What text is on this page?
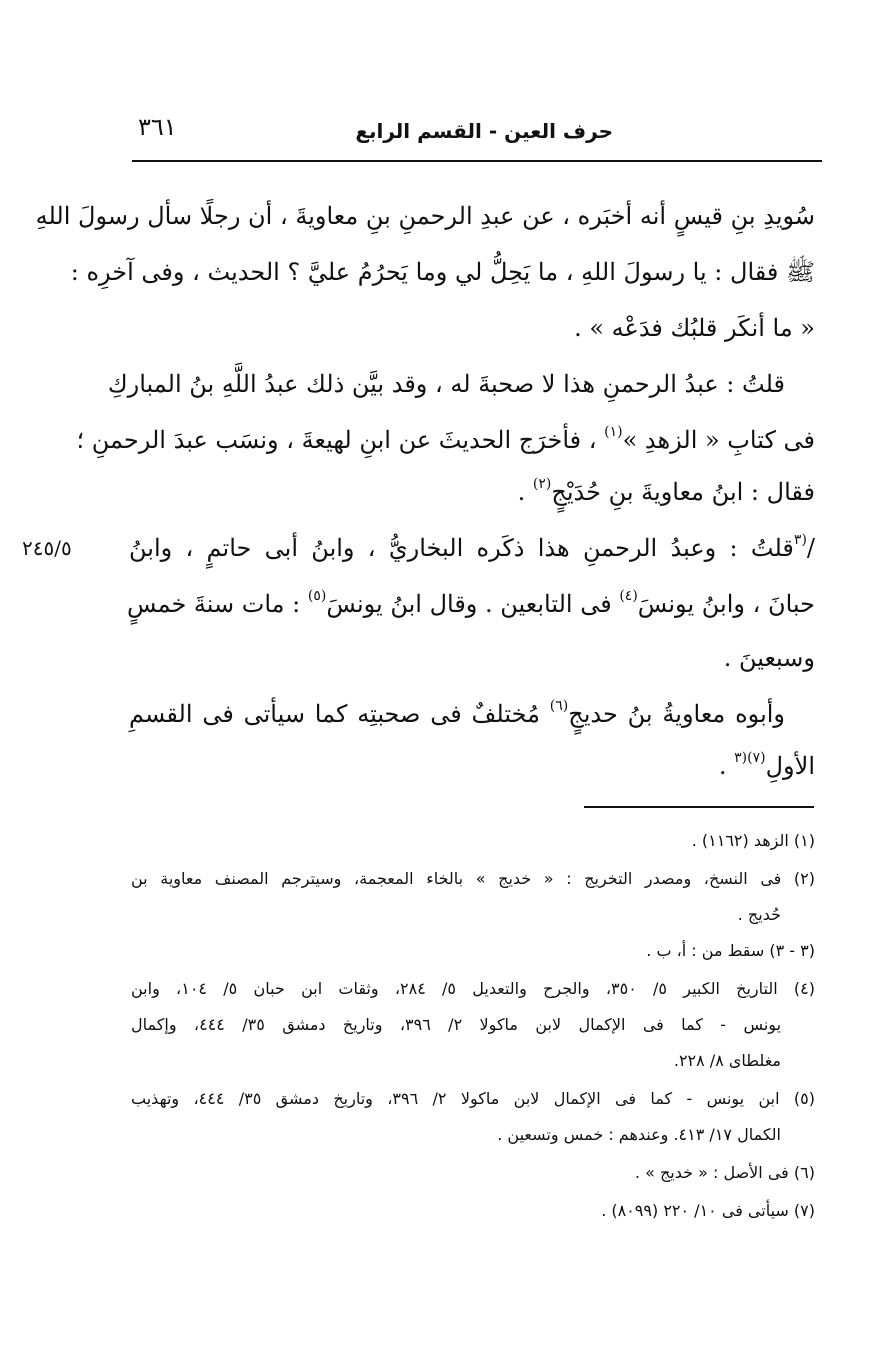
حرف العين - القسم الرابع
٣٦١
سُويدِ بنِ قيسٍ أنه أخبَره ، عن عبدِ الرحمنِ بنِ معاويةَ ، أن رجلًا سأل رسولَ اللهِ
ﷺ فقال : يا رسولَ اللهِ ، ما يَحِلُّ لي وما يَحرُمُ عليَّ ؟ الحديث ، وفى آخرِه :
« ما أنكَر قلبُك فدَعْه » .
قلتُ : عبدُ الرحمنِ هذا لا صحبةَ له ، وقد بيَّن ذلك عبدُ اللَّهِ بنُ المباركِ
فى كتابِ « الزهدِ »$^{(١)}$ ، فأخرَج الحديثَ عن ابنِ لهيعةَ ، ونسَب عبدَ الرحمنِ ؛
فقال : ابنُ معاويةَ بنِ حُدَيْجٍ$^{(٢)}$ .
٢٤٥/٥	/$^{(٣}$قلتُ : وعبدُ الرحمنِ هذا ذكَره البخاريُّ ، وابنُ أبى حاتمٍ ، وابنُ
حبانَ ، وابنُ يونسَ$^{(٤)}$ فى التابعين . وقال ابنُ يونسَ$^{(٥)}$ : مات سنةَ خمسٍ
وسبعينَ .
وأبوه معاويةُ بنُ حديجٍ$^{(٦)}$ مُختلفٌ فى صحبتِه كما سيأتى فى القسمِ
الأولِ$^{(٧)(٣}$ .
(١) الزهد (١١٦٢) .
(٢) فى النسخ، ومصدر التخريج : « خديج » بالخاء المعجمة، وسيترجم المصنف معاوية بن
حُديج .
(٣ - ٣) سقط من : أ، ب .
(٤) التاريخ الكبير ٥/ ٣٥٠، والجرح والتعديل ٥/ ٢٨٤، وثقات ابن حبان ٥/ ١٠٤، وابن
يونس - كما فى الإكمال لابن ماكولا ٢/ ٣٩٦، وتاريخ دمشق ٣٥/ ٤٤٤، وإكمال
مغلطاى ٨/ ٢٢٨.
(٥) ابن يونس - كما فى الإكمال لابن ماكولا ٢/ ٣٩٦، وتاريخ دمشق ٣٥/ ٤٤٤، وتهذيب
الكمال ١٧/ ٤١٣. وعندهم : خمس وتسعين .
(٦) فى الأصل : « خديج » .
(٧) سيأتى فى ١٠/ ٢٢٠ (٨٠٩٩) .
